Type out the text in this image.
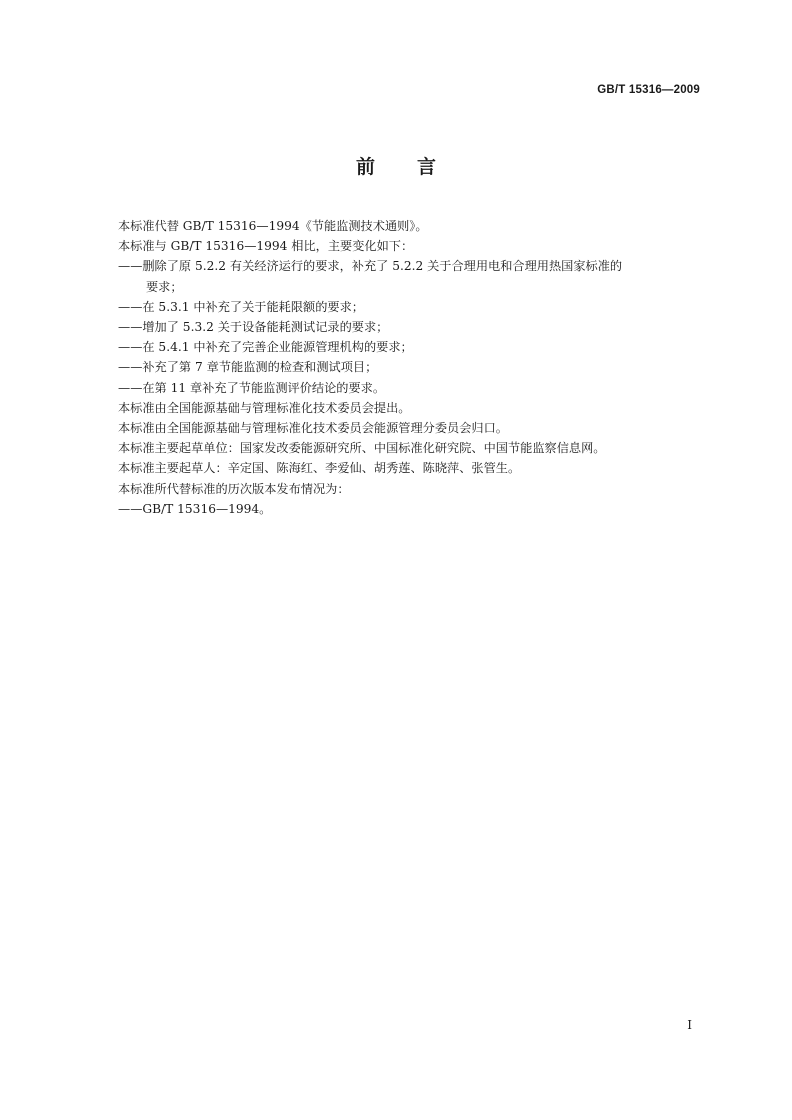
GB/T 15316—2009
前言
本标准代替 GB/T 15316—1994《节能监测技术通则》。
本标准与 GB/T 15316—1994 相比，主要变化如下：
——删除了原 5.2.2 有关经济运行的要求，补充了 5.2.2 关于合理用电和合理用热国家标准的
要求；
——在 5.3.1 中补充了关于能耗限额的要求；
——增加了 5.3.2 关于设备能耗测试记录的要求；
——在 5.4.1 中补充了完善企业能源管理机构的要求；
——补充了第 7 章节能监测的检查和测试项目；
——在第 11 章补充了节能监测评价结论的要求。
本标准由全国能源基础与管理标准化技术委员会提出。
本标准由全国能源基础与管理标准化技术委员会能源管理分委员会归口。
本标准主要起草单位：国家发改委能源研究所、中国标准化研究院、中国节能监察信息网。
本标准主要起草人：辛定国、陈海红、李爱仙、胡秀莲、陈晓萍、张管生。
本标准所代替标准的历次版本发布情况为：
——GB/T 15316—1994。
I
